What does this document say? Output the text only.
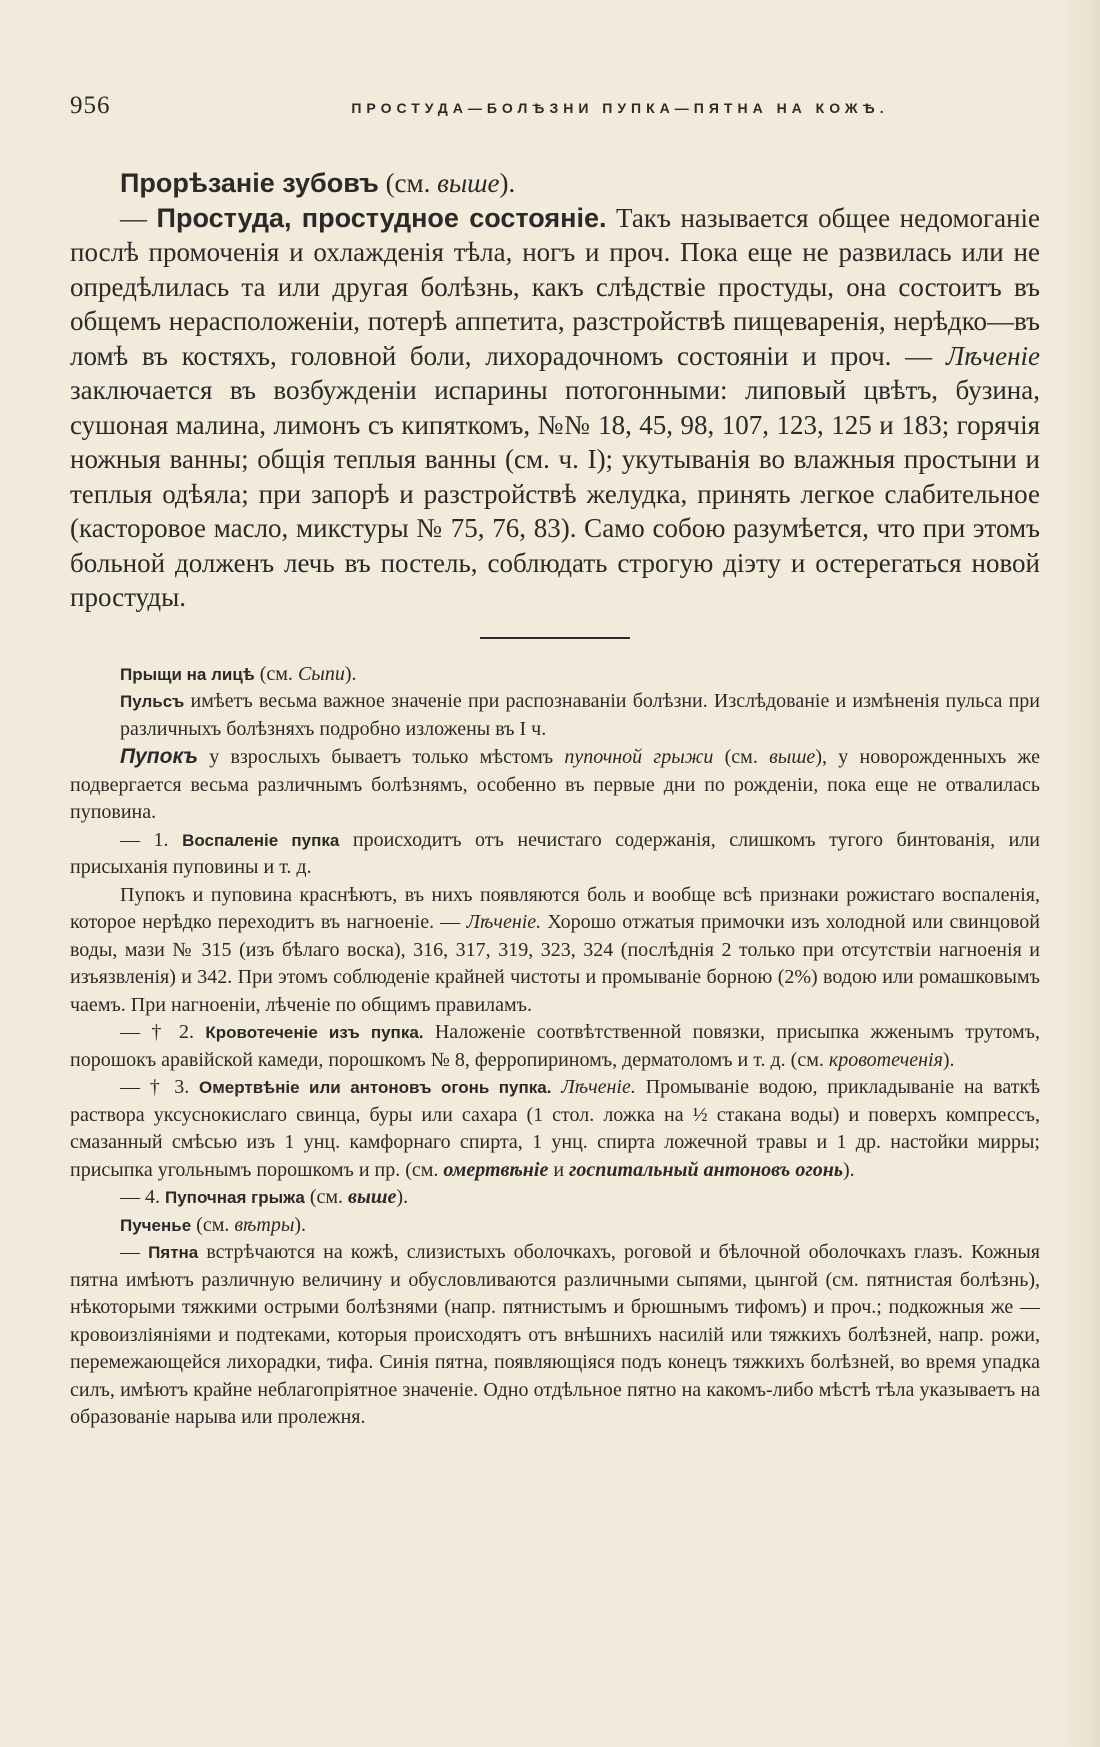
956	ПРОСТУДА—БОЛѢЗНИ ПУПКА—ПЯТНА НА КОЖѢ.

Прорѣзаніе зубовъ (см. выше).

— Простуда, простудное состояніе. Такъ называется общее недомоганіе послѣ промоченія и охлажденія тѣла, ногъ и проч. Пока еще не развилась или не опредѣлилась та или другая болѣзнь, какъ слѣдствіе простуды, она состоитъ въ общемъ нерасположеніи, потерѣ аппетита, разстройствѣ пищеваренія, нерѣдко—въ ломѣ въ костяхъ, головной боли, лихорадочномъ состояніи и проч. — Лѣченіе заключается въ возбужденіи испарины потогонными: липовый цвѣтъ, бузина, сушоная малина, лимонъ съ кипяткомъ, №№ 18, 45, 98, 107, 123, 125 и 183; горячія ножныя ванны; общія теплыя ванны (см. ч. I); укутыванія во влажныя простыни и теплыя одѣяла; при запорѣ и разстройствѣ желудка, принять легкое слабительное (касторовое масло, микстуры № 75, 76, 83). Само собою разумѣется, что при этомъ больной долженъ лечь въ постель, соблюдать строгую діэту и остерегаться новой простуды.

Прыщи на лицѣ (см. Сыпи).

Пульсъ имѣетъ весьма важное значеніе при распознаваніи болѣзни. Изслѣдованіе и измѣненія пульса при различныхъ болѣзняхъ подробно изложены въ I ч.

Пупокъ у взрослыхъ бываетъ только мѣстомъ пупочной грыжи (см. выше), у новорожденныхъ же подвергается весьма различнымъ болѣзнямъ, особенно въ первые дни по рожденіи, пока еще не отвалилась пуповина.

— 1. Воспаленіе пупка происходитъ отъ нечистаго содержанія, слишкомъ тугого бинтованія, или присыханія пуповины и т. д.

Пупокъ и пуповина краснѣютъ, въ нихъ появляются боль и вообще всѣ признаки рожистаго воспаленія, которое нерѣдко переходитъ въ нагноеніе. — Лѣченіе. Хорошо отжатыя примочки изъ холодной или свинцовой воды, мази № 315 (изъ бѣлаго воска), 316, 317, 319, 323, 324 (послѣднія 2 только при отсутствіи нагноенія и изъязвленія) и 342. При этомъ соблюденіе крайней чистоты и промываніе борною (2%) водою или ромашковымъ чаемъ. При нагноеніи, лѣченіе по общимъ правиламъ.

— † 2. Кровотеченіе изъ пупка. Наложеніе соотвѣтственной повязки, присыпка жженымъ трутомъ, порошокъ аравійской камеди, порошкомъ № 8, ферропириномъ, дерматоломъ и т. д. (см. кровотеченія).

— † 3. Омертвѣніе или антоновъ огонь пупка. Лѣченіе. Промываніе водою, прикладываніе на ваткѣ раствора уксуснокислаго свинца, буры или сахара (1 стол. ложка на ½ стакана воды) и поверхъ компрессъ, смазанный смѣсью изъ 1 унц. камфорнаго спирта, 1 унц. спирта ложечной травы и 1 др. настойки мирры; присыпка угольнымъ порошкомъ и пр. (см. омертвѣніе и госпитальный антоновъ огонь).

— 4. Пупочная грыжа (см. выше).

Пученье (см. вѣтры).

— Пятна встрѣчаются на кожѣ, слизистыхъ оболочкахъ, роговой и бѣлочной оболочкахъ глазъ. Кожныя пятна имѣютъ различную величину и обусловливаются различными сыпями, цынгой (см. пятнистая болѣзнь), нѣкоторыми тяжкими острыми болѣзнями (напр. пятнистымъ и брюшнымъ тифомъ) и проч.; подкожныя же — кровоизліяніями и подтеками, которыя происходятъ отъ внѣшнихъ насилій или тяжкихъ болѣзней, напр. рожи, перемежающейся лихорадки, тифа. Синія пятна, появляющіяся подъ конецъ тяжкихъ болѣзней, во время упадка силъ, имѣютъ крайне неблагопріятное значеніе. Одно отдѣльное пятно на какомъ-либо мѣстѣ тѣла указываетъ на образованіе нарыва или пролежня.
